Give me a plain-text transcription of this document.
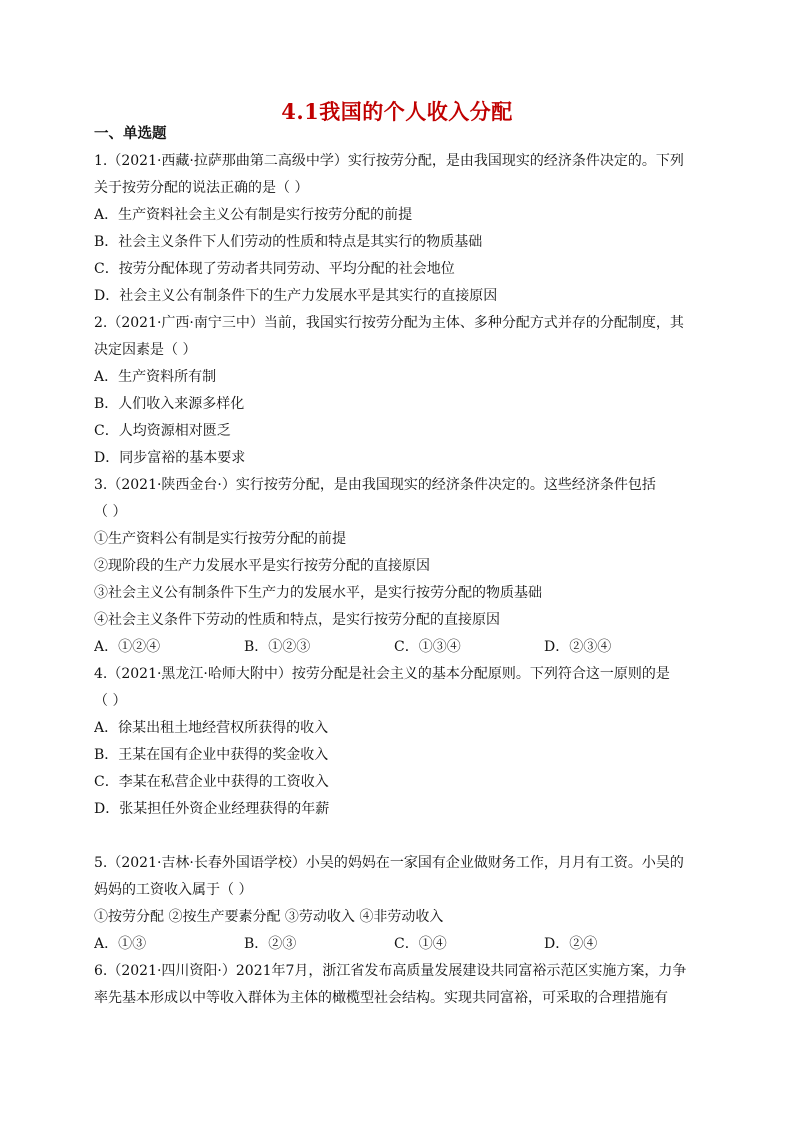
4.1我国的个人收入分配
一、单选题
1.（2021·西藏·拉萨那曲第二高级中学）实行按劳分配，是由我国现实的经济条件决定的。下列
关于按劳分配的说法正确的是（ ）
A．生产资料社会主义公有制是实行按劳分配的前提
B．社会主义条件下人们劳动的性质和特点是其实行的物质基础
C．按劳分配体现了劳动者共同劳动、平均分配的社会地位
D．社会主义公有制条件下的生产力发展水平是其实行的直接原因
2.（2021·广西·南宁三中）当前，我国实行按劳分配为主体、多种分配方式并存的分配制度，其
决定因素是（ ）
A．生产资料所有制
B．人们收入来源多样化
C．人均资源相对匮乏
D．同步富裕的基本要求
3.（2021·陕西金台·）实行按劳分配，是由我国现实的经济条件决定的。这些经济条件包括
（ ）
①生产资料公有制是实行按劳分配的前提
②现阶段的生产力发展水平是实行按劳分配的直接原因
③社会主义公有制条件下生产力的发展水平，是实行按劳分配的物质基础
④社会主义条件下劳动的性质和特点，是实行按劳分配的直接原因
A．①②④	B．①②③	C．①③④	D．②③④
4.（2021·黑龙江·哈师大附中）按劳分配是社会主义的基本分配原则。下列符合这一原则的是
（ ）
A．徐某出租土地经营权所获得的收入
B．王某在国有企业中获得的奖金收入
C．李某在私营企业中获得的工资收入
D．张某担任外资企业经理获得的年薪
5.（2021·吉林·长春外国语学校）小吴的妈妈在一家国有企业做财务工作，月月有工资。小吴的
妈妈的工资收入属于（ ）
①按劳分配 ②按生产要素分配 ③劳动收入 ④非劳动收入
A．①③	B．②③	C．①④	D．②④
6.（2021·四川资阳·）2021年7月，浙江省发布高质量发展建设共同富裕示范区实施方案，力争
率先基本形成以中等收入群体为主体的橄榄型社会结构。实现共同富裕，可采取的合理措施有
